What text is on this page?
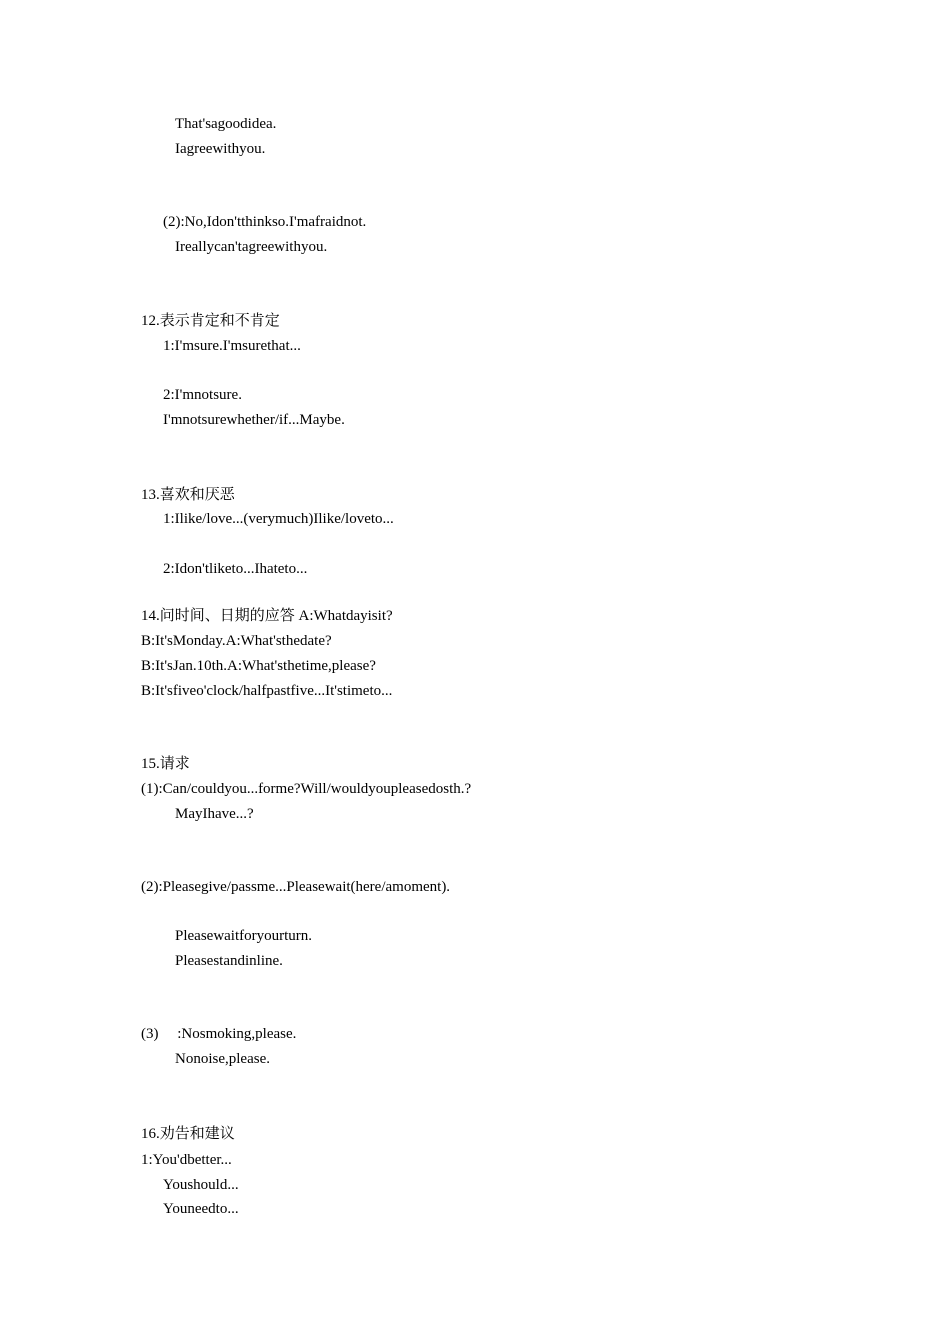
That'sagoodidea.
Iagreewithyou.
(2):No,Idon'tthinkso.I'mafraidnot.
Ireallycan'tagreewithyou.
12.表示肯定和不肯定
1:I'msure.I'msurethat...
2:I'mnotsure.
I'mnotsurewhether/if...Maybe.
13.喜欢和厌恶
1:Ilike/love...(verymuch)Ilike/loveto...
2:Idon'tliketo...Ihateto...
14.问时间、日期的应答 A:Whatdayisit?
B:It'sMonday.A:What'sthedate?
B:It'sJan.10th.A:What'sthetime,please?
B:It'sfiveo'clock/halfpastfive...It'stimeto...
15.请求
(1):Can/couldyou...forme?Will/wouldyoupleasedosth.?
MayIhave...?
(2):Pleasegive/passme...Pleasewait(here/amoment).
Pleasewaitforyourturn.
Pleasestandinline.
(3)     :Nosmoking,please.
Nonoise,please.
16.劝告和建议
1:You'dbetter...
Youshould...
Youneedto...
